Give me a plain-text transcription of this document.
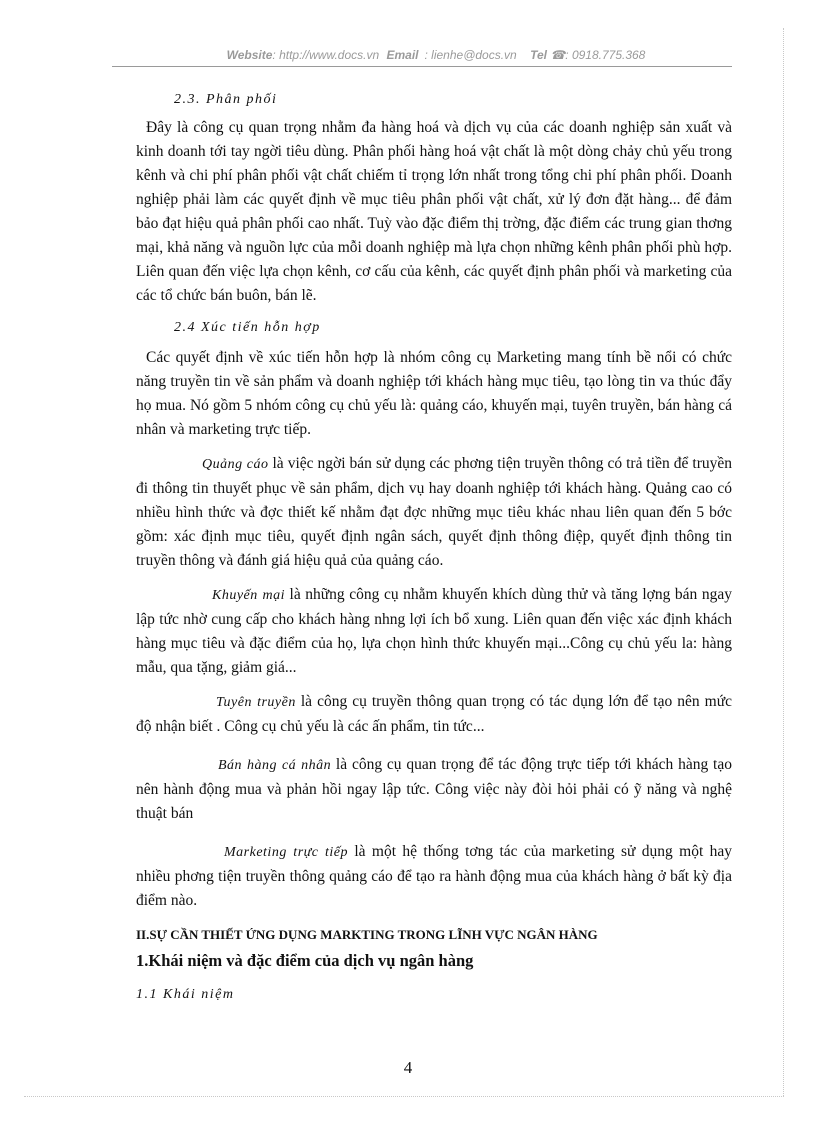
Website: http://www.docs.vn Email : lienhe@docs.vn Tel ☎: 0918.775.368

2.3. Phân phối

Đây là công cụ quan trọng nhằm đa hàng hoá và dịch vụ của các doanh nghiệp sản xuất và kinh doanh tới tay ngời tiêu dùng. Phân phối hàng hoá vật chất là một dòng chảy chủ yếu trong kênh và chi phí phân phối vật chất chiếm tỉ trọng lớn nhất trong tổng chi phí phân phối. Doanh nghiệp phải làm các quyết định về mục tiêu phân phối vật chất, xử lý đơn đặt hàng... để đảm bảo đạt hiệu quả phân phối cao nhất. Tuỳ vào đặc điểm thị trờng, đặc điểm các trung gian thơng mại, khả năng và nguồn lực của mỗi doanh nghiệp mà lựa chọn những kênh phân phối phù hợp. Liên quan đến việc lựa chọn kênh, cơ cấu của kênh, các quyết định phân phối và marketing của các tổ chức bán buôn, bán lẽ.

2.4 Xúc tiến hỗn hợp

Các quyết định về xúc tiến hỗn hợp là nhóm công cụ Marketing mang tính bề nổi có chức năng truyền tin về sản phẩm và doanh nghiệp tới khách hàng mục tiêu, tạo lòng tin va thúc đẩy họ mua. Nó gồm 5 nhóm công cụ chủ yếu là: quảng cáo, khuyến mại, tuyên truyền, bán hàng cá nhân và marketing trực tiếp.

Quảng cáo là việc ngời bán sử dụng các phơng tiện truyền thông có trả tiền để truyền đi thông tin thuyết phục về sản phẩm, dịch vụ hay doanh nghiệp tới khách hàng. Quảng cao có nhiều hình thức và đợc thiết kế nhằm đạt đợc những mục tiêu khác nhau liên quan đến 5 bớc gồm: xác định mục tiêu, quyết định ngân sách, quyết định thông điệp, quyết định thông tin truyền thông và đánh giá hiệu quả của quảng cáo.

Khuyến mại là những công cụ nhằm khuyến khích dùng thử và tăng lợng bán ngay lập tức nhờ cung cấp cho khách hàng nhng lợi ích bổ xung. Liên quan đến việc xác định khách hàng mục tiêu và đặc điểm của họ, lựa chọn hình thức khuyến mại...Công cụ chủ yếu la: hàng mẫu, qua tặng, giảm giá...

Tuyên truyền là công cụ truyền thông quan trọng có tác dụng lớn để tạo nên mức độ nhận biết . Công cụ chủ yếu là các ấn phẩm, tin tức...

Bán hàng cá nhân là công cụ quan trọng để tác động trực tiếp tới khách hàng tạo nên hành động mua và phản hồi ngay lập tức. Công việc này đòi hỏi phải có ỹ năng và nghệ thuật bán

Marketing trực tiếp là một hệ thống tơng tác của marketing sử dụng một hay nhiều phơng tiện truyền thông quảng cáo để tạo ra hành động mua của khách hàng ở bất kỳ địa điểm nào.

II.SỰ CẦN THIẾT ỨNG DỤNG MARKTING TRONG LĨNH VỰC NGÂN HÀNG

1.Khái niệm và đặc điểm của dịch vụ ngân hàng

1.1 Khái niệm

4
